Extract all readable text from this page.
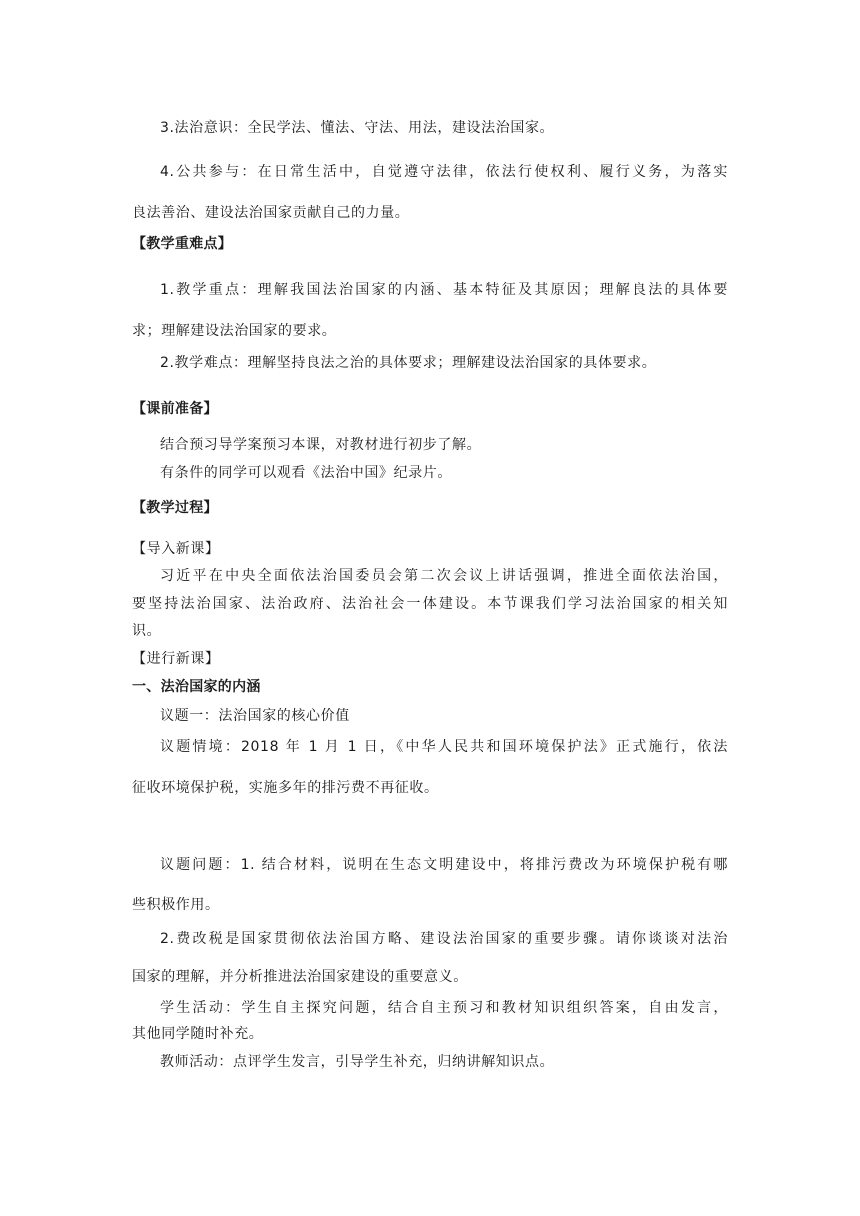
3.法治意识：全民学法、懂法、守法、用法，建设法治国家。
4.公共参与：在日常生活中，自觉遵守法律，依法行使权利、履行义务，为落实
良法善治、建设法治国家贡献自己的力量。
【教学重难点】
1.教学重点：理解我国法治国家的内涵、基本特征及其原因；理解良法的具体要
求；理解建设法治国家的要求。
2.教学难点：理解坚持良法之治的具体要求；理解建设法治国家的具体要求。
【课前准备】
结合预习导学案预习本课，对教材进行初步了解。
有条件的同学可以观看《法治中国》纪录片。
【教学过程】
【导入新课】
习近平在中央全面依法治国委员会第二次会议上讲话强调，推进全面依法治国，
要坚持法治国家、法治政府、法治社会一体建设。本节课我们学习法治国家的相关知
识。
【进行新课】
一、法治国家的内涵
议题一：法治国家的核心价值
议题情境：2018 年 1 月 1 日，《中华人民共和国环境保护法》正式施行，依法
征收环境保护税，实施多年的排污费不再征收。
议题问题：1. 结合材料，说明在生态文明建设中，将排污费改为环境保护税有哪
些积极作用。
2.费改税是国家贯彻依法治国方略、建设法治国家的重要步骤。请你谈谈对法治
国家的理解，并分析推进法治国家建设的重要意义。
学生活动：学生自主探究问题，结合自主预习和教材知识组织答案，自由发言，
其他同学随时补充。
教师活动：点评学生发言，引导学生补充，归纳讲解知识点。
